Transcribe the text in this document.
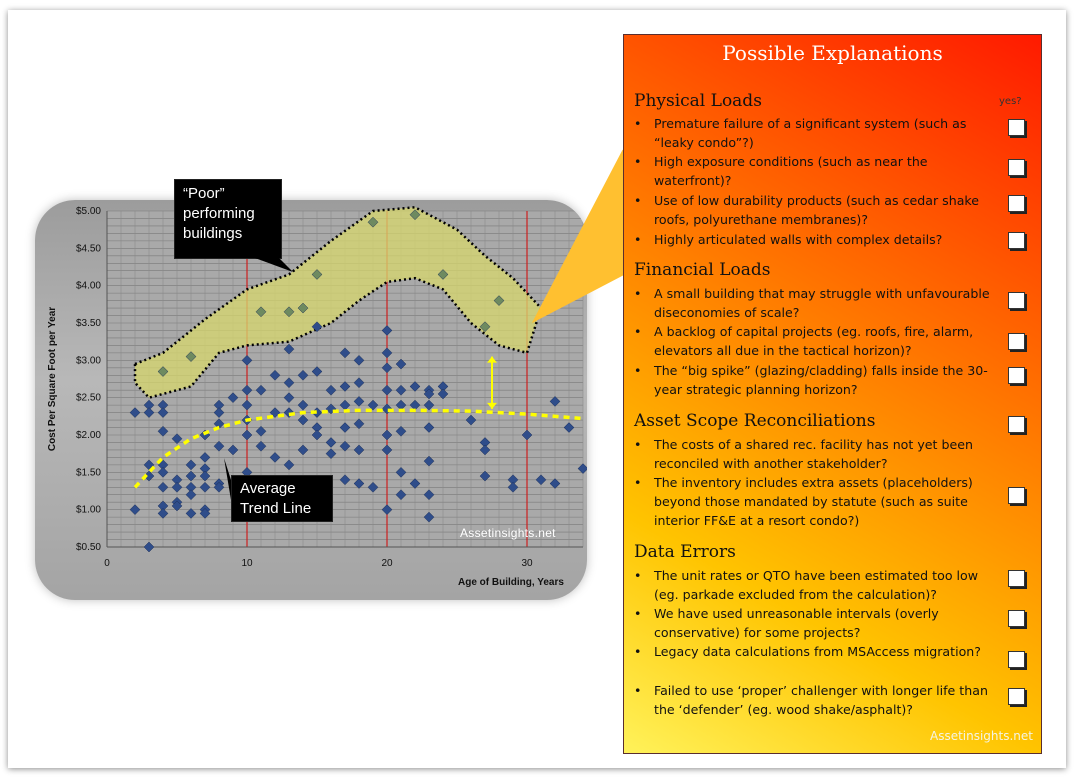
$0.50
$1.00
$1.50
$2.00
$2.50
$3.00
$3.50
$4.00
$4.50
$5.00
0	10	20	30
Age of Building, Years
Cost Per Square Foot per Year
Assetinsights.net
“Poor” performing buildings
Average Trend Line
Possible Explanations
yes?
Physical Loads
• Premature failure of a significant system (such as “leaky condo”?)
• High exposure conditions (such as near the waterfront)?
• Use of low durability products (such as cedar shake roofs, polyurethane membranes)?
• Highly articulated walls with complex details?
Financial Loads
• A small building that may struggle with unfavourable diseconomies of scale?
• A backlog of capital projects (eg. roofs, fire, alarm, elevators all due in the tactical horizon)?
• The “big spike” (glazing/cladding) falls inside the 30-year strategic planning horizon?
Asset Scope Reconciliations
• The costs of a shared rec. facility has not yet been reconciled with another stakeholder?
• The inventory includes extra assets (placeholders) beyond those mandated by statute (such as suite interior FF&E at a resort condo?)
Data Errors
• The unit rates or QTO have been estimated too low (eg. parkade excluded from the calculation)?
• We have used unreasonable intervals (overly conservative) for some projects?
• Legacy data calculations from MSAccess migration?
• Failed to use ‘proper’ challenger with longer life than the ‘defender’ (eg. wood shake/asphalt)?
Assetinsights.net
